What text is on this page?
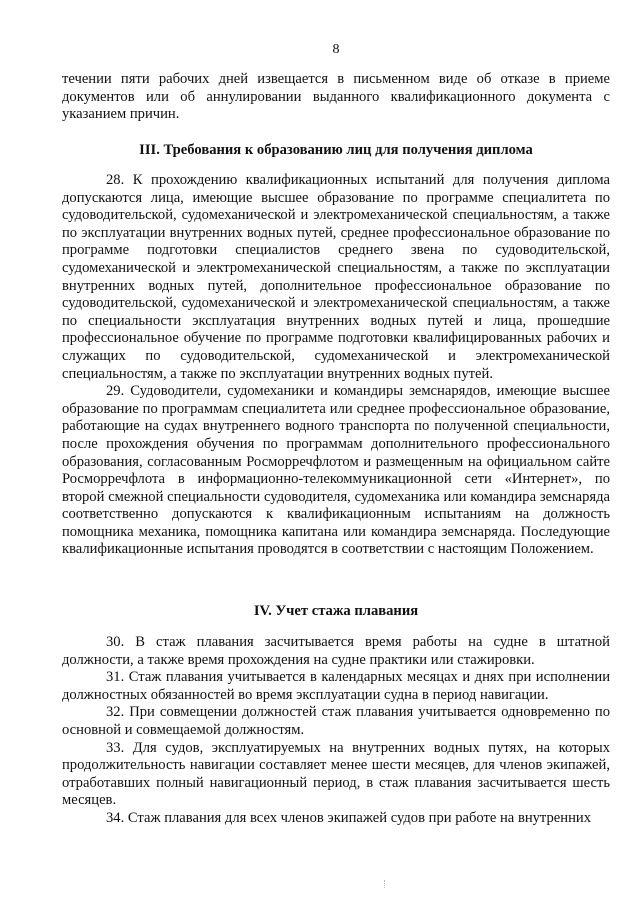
8

течении пяти рабочих дней извещается в письменном виде об отказе в приеме документов или об аннулировании выданного квалификационного документа с указанием причин.

III. Требования к образованию лиц для получения диплома

28. К прохождению квалификационных испытаний для получения диплома допускаются лица, имеющие высшее образование по программе специалитета по судоводительской, судомеханической и электромеханической специальностям, а также по эксплуатации внутренних водных путей, среднее профессиональное образование по программе подготовки специалистов среднего звена по судоводительской, судомеханической и электромеханической специальностям, а также по эксплуатации внутренних водных путей, дополнительное профессиональное образование по судоводительской, судомеханической и электромеханической специальностям, а также по специальности эксплуатация внутренних водных путей и лица, прошедшие профессиональное обучение по программе подготовки квалифицированных рабочих и служащих по судоводительской, судомеханической и электромеханической специальностям, а также по эксплуатации внутренних водных путей.

29. Судоводители, судомеханики и командиры земснарядов, имеющие высшее образование по программам специалитета или среднее профессиональное образование, работающие на судах внутреннего водного транспорта по полученной специальности, после прохождения обучения по программам дополнительного профессионального образования, согласованным Росморречфлотом и размещенным на официальном сайте Росморречфлота в информационно-телекоммуникационной сети «Интернет», по второй смежной специальности судоводителя, судомеханика или командира земснаряда соответственно допускаются к квалификационным испытаниям на должность помощника механика, помощника капитана или командира земснаряда. Последующие квалификационные испытания проводятся в соответствии с настоящим Положением.

IV. Учет стажа плавания

30. В стаж плавания засчитывается время работы на судне в штатной должности, а также время прохождения на судне практики или стажировки.

31. Стаж плавания учитывается в календарных месяцах и днях при исполнении должностных обязанностей во время эксплуатации судна в период навигации.

32. При совмещении должностей стаж плавания учитывается одновременно по основной и совмещаемой должностям.

33. Для судов, эксплуатируемых на внутренних водных путях, на которых продолжительность навигации составляет менее шести месяцев, для членов экипажей, отработавших полный навигационный период, в стаж плавания засчитывается шесть месяцев.

34. Стаж плавания для всех членов экипажей судов при работе на внутренних
